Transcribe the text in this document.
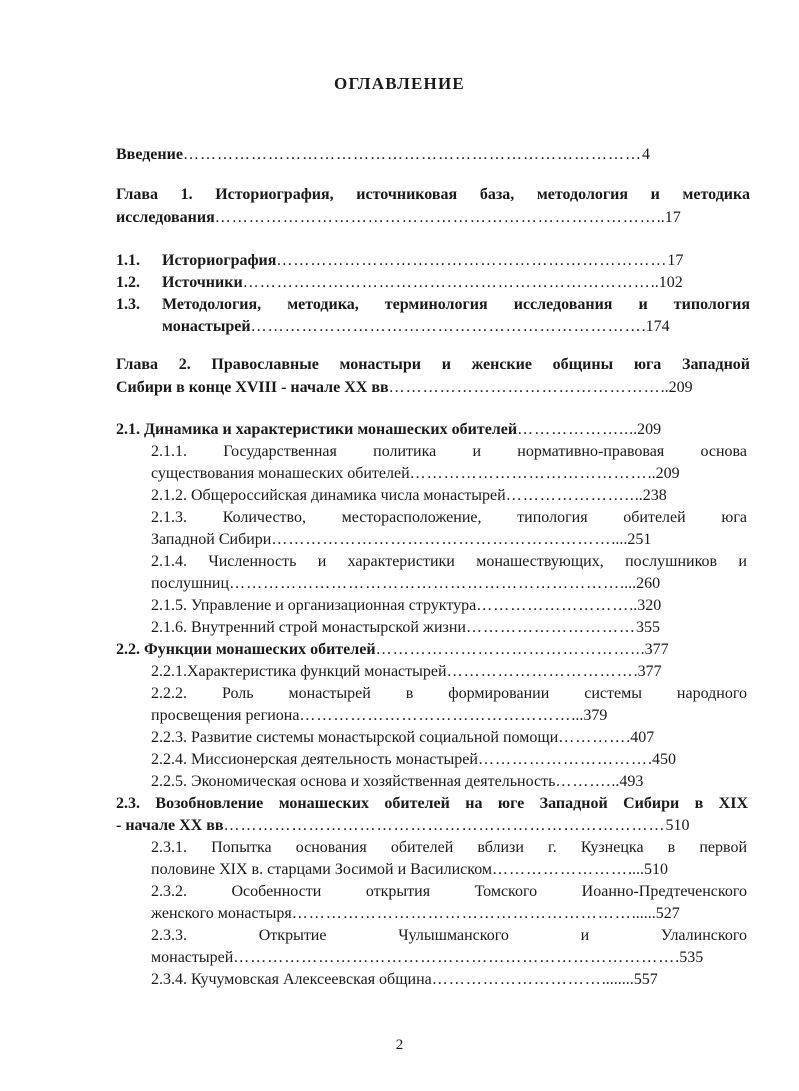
ОГЛАВЛЕНИЕ
Введение………………………………………………………………………4
Глава 1. Историография, источниковая база, методология и методика
исследования……………………………………………………………………..17
1.1. Историография……………………………………………………………17
1.2. Источники………………………………………………………………..102
1.3. Методология, методика, терминология исследования и типология
монастырей…………………………………………………………….174
Глава 2. Православные монастыри и женские общины юга Западной
Сибири в конце XVIII - начале XX вв…………………………………………..209
2.1. Динамика и характеристики монашеских обителей………………....209
2.1.1. Государственная политика и нормативно-правовая основа
существования монашеских обителей……………………………………..209
2.1.2. Общероссийская динамика числа монастырей…………………....238
2.1.3. Количество, месторасположение, типология обителей юга
Западной Сибири……………………………………………………....251
2.1.4. Численность и характеристики монашествующих, послушников и
послушниц……………………………………………………………....260
2.1.5. Управление и организационная структура………………………..320
2.1.6. Внутренний строй монастырской жизни…………………………355
2.2. Функции монашеских обителей………………………………………...377
2.2.1.Характеристика функций монастырей…………………………….377
2.2.2. Роль монастырей в формировании системы народного
просвещения региона…………………………………………...379
2.2.3. Развитие системы монастырской социальной помощи………….407
2.2.4. Миссионерская деятельность монастырей………………………….450
2.2.5. Экономическая основа и хозяйственная деятельность………...493
2.3. Возобновление монашеских обителей на юге Западной Сибири в XIX
- начале XX вв……………………………………………………………………510
2.3.1. Попытка основания обителей вблизи г. Кузнецка в первой
половине XIX в. старцами Зосимой и Василиском……………………....510
2.3.2. Особенности открытия Томского Иоанно-Предтеченского
женского монастыря……………………………………………………......527
2.3.3. Открытие Чулышманского и Улалинского
монастырей…………………………………………………………………….535
2.3.4. Кучумовская Алексеевская община…………………………........557
2
